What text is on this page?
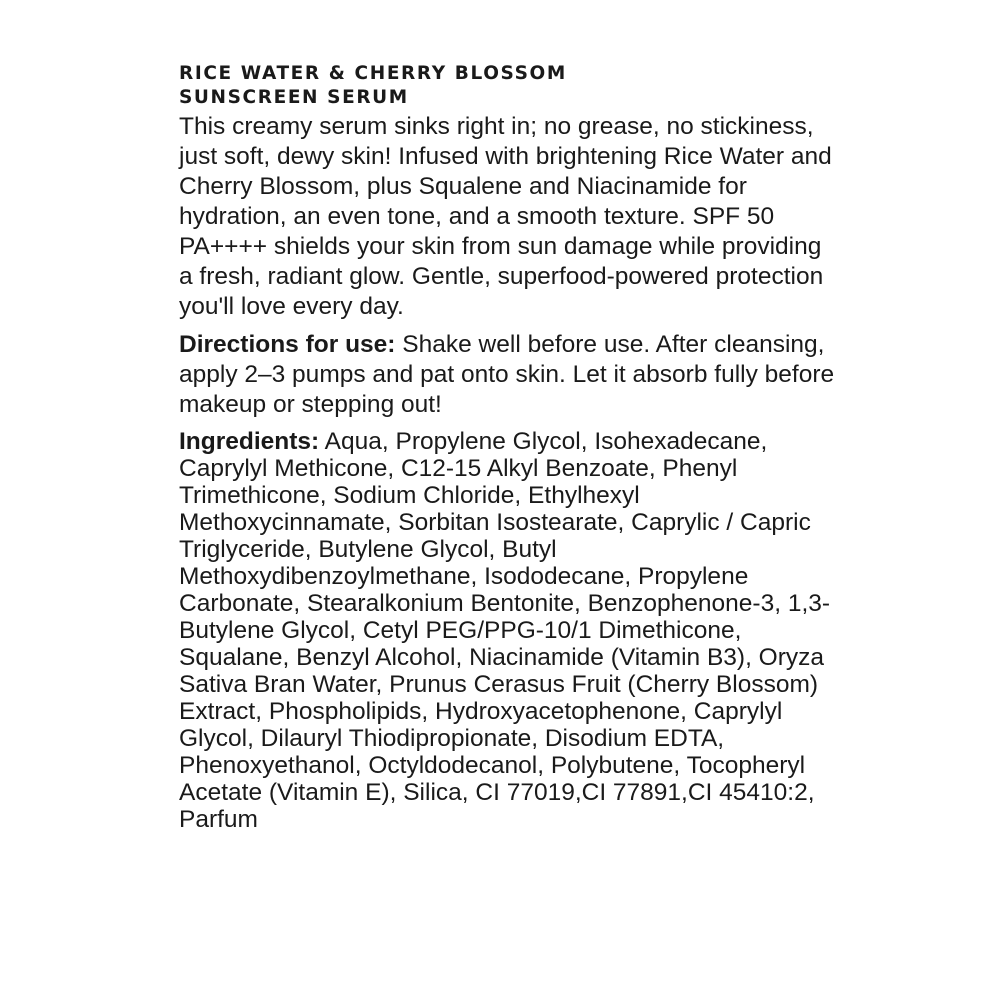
RICE WATER & CHERRY BLOSSOM
SUNSCREEN SERUM

This creamy serum sinks right in; no grease, no stickiness, just soft, dewy skin! Infused with brightening Rice Water and Cherry Blossom, plus Squalene and Niacinamide for hydration, an even tone, and a smooth texture. SPF 50 PA++++ shields your skin from sun damage while providing a fresh, radiant glow. Gentle, superfood-powered protection you'll love every day.

Directions for use: Shake well before use. After cleansing, apply 2–3 pumps and pat onto skin. Let it absorb fully before makeup or stepping out!

Ingredients: Aqua, Propylene Glycol, Isohexadecane, Caprylyl Methicone, C12-15 Alkyl Benzoate, Phenyl Trimethicone, Sodium Chloride, Ethylhexyl Methoxycinnamate, Sorbitan Isostearate, Caprylic / Capric Triglyceride, Butylene Glycol, Butyl Methoxydibenzoylmethane, Isododecane, Propylene Carbonate, Stearalkonium Bentonite, Benzophenone-3, 1,3-Butylene Glycol, Cetyl PEG/PPG-10/1 Dimethicone, Squalane, Benzyl Alcohol, Niacinamide (Vitamin B3), Oryza Sativa Bran Water, Prunus Cerasus Fruit (Cherry Blossom) Extract, Phospholipids, Hydroxyacetophenone, Caprylyl Glycol, Dilauryl Thiodipropionate, Disodium EDTA, Phenoxyethanol, Octyldodecanol, Polybutene, Tocopheryl Acetate (Vitamin E), Silica, CI 77019,CI 77891,CI 45410:2, Parfum
